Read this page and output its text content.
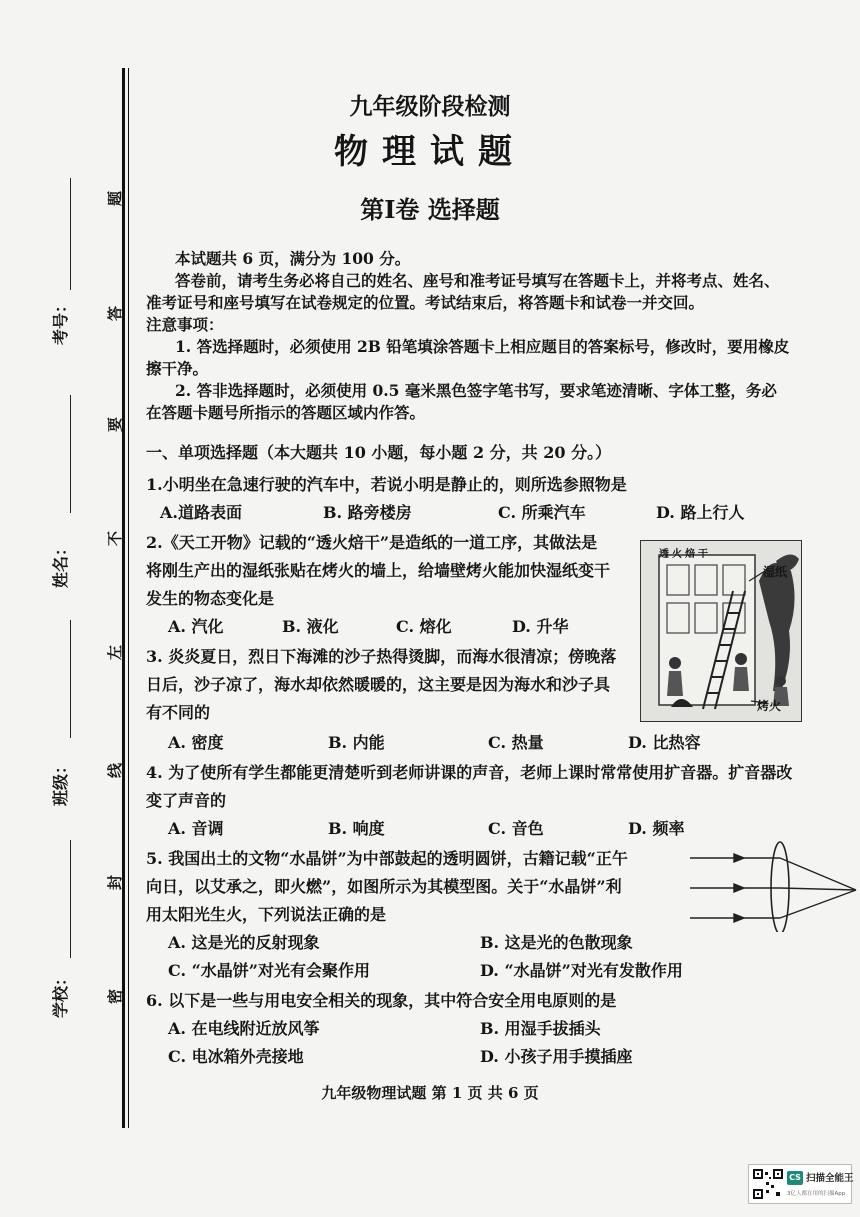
题
答
要
不
左
线
封
密
考号：
姓名：
班级：
学校：
九年级阶段检测
物理试题
第Ⅰ卷 选择题
本试题共 6 页，满分为 100 分。
答卷前，请考生务必将自己的姓名、座号和准考证号填写在答题卡上，并将考点、姓名、
准考证号和座号填写在试卷规定的位置。考试结束后，将答题卡和试卷一并交回。
注意事项：
1. 答选择题时，必须使用 2B 铅笔填涂答题卡上相应题目的答案标号，修改时，要用橡皮
擦干净。
2. 答非选择题时，必须使用 0.5 毫米黑色签字笔书写，要求笔迹清晰、字体工整，务必
在答题卡题号所指示的答题区域内作答。
一、单项选择题（本大题共 10 小题，每小题 2 分，共 20 分。）
1.小明坐在急速行驶的汽车中，若说小明是静止的，则所选参照物是
A.道路表面	B. 路旁楼房	C. 所乘汽车	D. 路上行人
2.《天工开物》记载的“透火焙干”是造纸的一道工序，其做法是
将刚生产出的湿纸张贴在烤火的墙上，给墙壁烤火能加快湿纸变干
发生的物态变化是
A. 汽化	B. 液化	C. 熔化	D. 升华
透火焙干
湿纸
烤火
3. 炎炎夏日，烈日下海滩的沙子热得烫脚，而海水很清凉；傍晚落
日后，沙子凉了，海水却依然暖暖的，这主要是因为海水和沙子具
有不同的
A. 密度	B. 内能	C. 热量	D. 比热容
4. 为了使所有学生都能更清楚听到老师讲课的声音，老师上课时常常使用扩音器。扩音器改
变了声音的
A. 音调	B. 响度	C. 音色	D. 频率
5. 我国出土的文物“水晶饼”为中部鼓起的透明圆饼，古籍记载“正午
向日，以艾承之，即火燃”，如图所示为其模型图。关于“水晶饼”利
用太阳光生火，下列说法正确的是
A. 这是光的反射现象	B. 这是光的色散现象
C. “水晶饼”对光有会聚作用	D. “水晶饼”对光有发散作用
6. 以下是一些与用电安全相关的现象，其中符合安全用电原则的是
A. 在电线附近放风筝	B. 用湿手拔插头
C. 电冰箱外壳接地	D. 小孩子用手摸插座
九年级物理试题 第 1 页 共 6 页
CS 扫描全能王
3亿人都在用的扫描App
